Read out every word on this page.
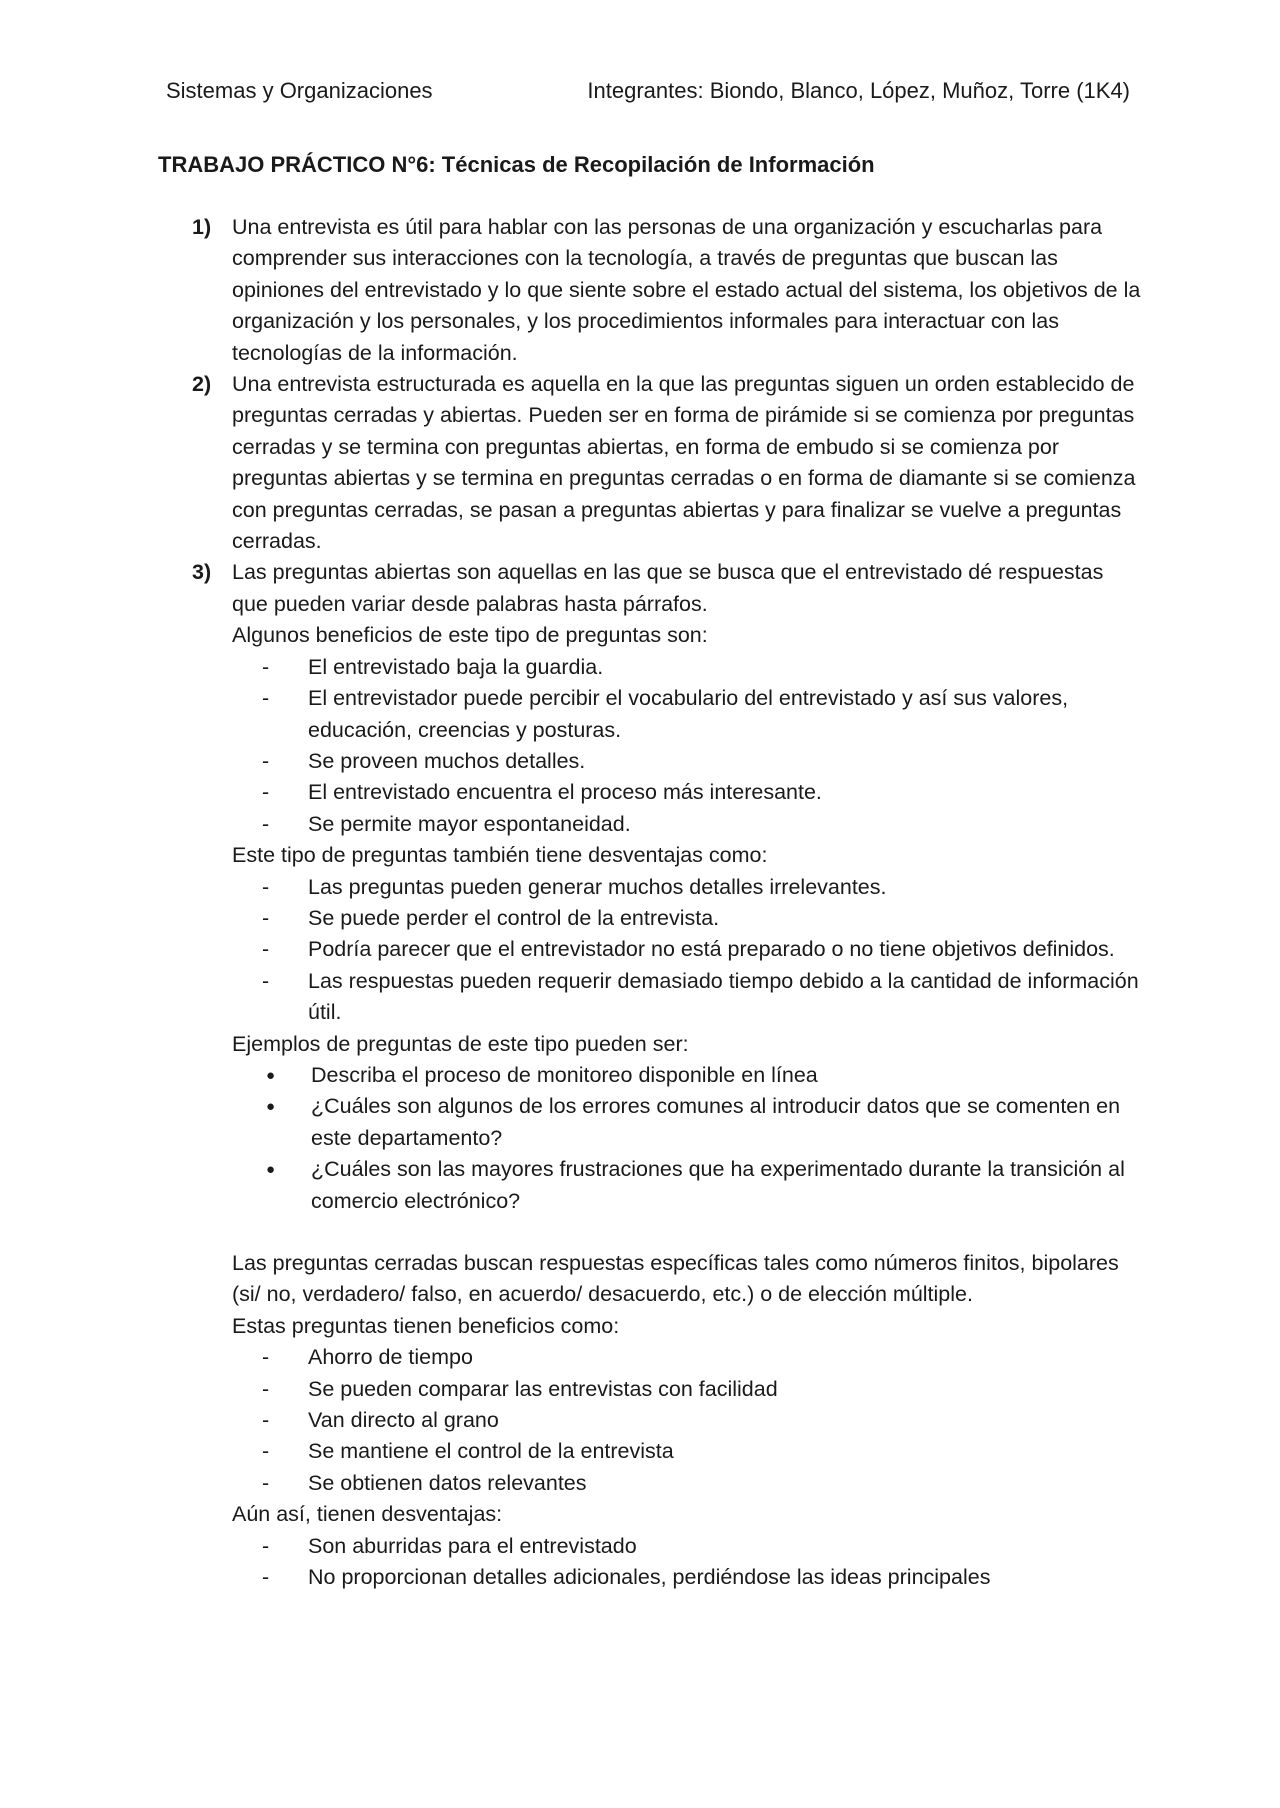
Sistemas y Organizaciones	Integrantes: Biondo, Blanco, López, Muñoz, Torre (1K4)
TRABAJO PRÁCTICO N°6: Técnicas de Recopilación de Información
1) Una entrevista es útil para hablar con las personas de una organización y escucharlas para comprender sus interacciones con la tecnología, a través de preguntas que buscan las opiniones del entrevistado y lo que siente sobre el estado actual del sistema, los objetivos de la organización y los personales, y los procedimientos informales para interactuar con las tecnologías de la información.

2) Una entrevista estructurada es aquella en la que las preguntas siguen un orden establecido de preguntas cerradas y abiertas. Pueden ser en forma de pirámide si se comienza por preguntas cerradas y se termina con preguntas abiertas, en forma de embudo si se comienza por preguntas abiertas y se termina en preguntas cerradas o en forma de diamante si se comienza con preguntas cerradas, se pasan a preguntas abiertas y para finalizar se vuelve a preguntas cerradas.

3) Las preguntas abiertas son aquellas en las que se busca que el entrevistado dé respuestas que pueden variar desde palabras hasta párrafos.

Algunos beneficios de este tipo de preguntas son:

- El entrevistado baja la guardia.
- El entrevistador puede percibir el vocabulario del entrevistado y así sus valores, educación, creencias y posturas.
- Se proveen muchos detalles.
- El entrevistado encuentra el proceso más interesante.
- Se permite mayor espontaneidad.

Este tipo de preguntas también tiene desventajas como:

- Las preguntas pueden generar muchos detalles irrelevantes.
- Se puede perder el control de la entrevista.
- Podría parecer que el entrevistador no está preparado o no tiene objetivos definidos.
- Las respuestas pueden requerir demasiado tiempo debido a la cantidad de información útil.

Ejemplos de preguntas de este tipo pueden ser:

● Describa el proceso de monitoreo disponible en línea
● ¿Cuáles son algunos de los errores comunes al introducir datos que se comenten en este departamento?
● ¿Cuáles son las mayores frustraciones que ha experimentado durante la transición al comercio electrónico?

Las preguntas cerradas buscan respuestas específicas tales como números finitos, bipolares (si/ no, verdadero/ falso, en acuerdo/ desacuerdo, etc.) o de elección múltiple.

Estas preguntas tienen beneficios como:

- Ahorro de tiempo
- Se pueden comparar las entrevistas con facilidad
- Van directo al grano
- Se mantiene el control de la entrevista
- Se obtienen datos relevantes

Aún así, tienen desventajas:

- Son aburridas para el entrevistado
- No proporcionan detalles adicionales, perdiéndose las ideas principales
